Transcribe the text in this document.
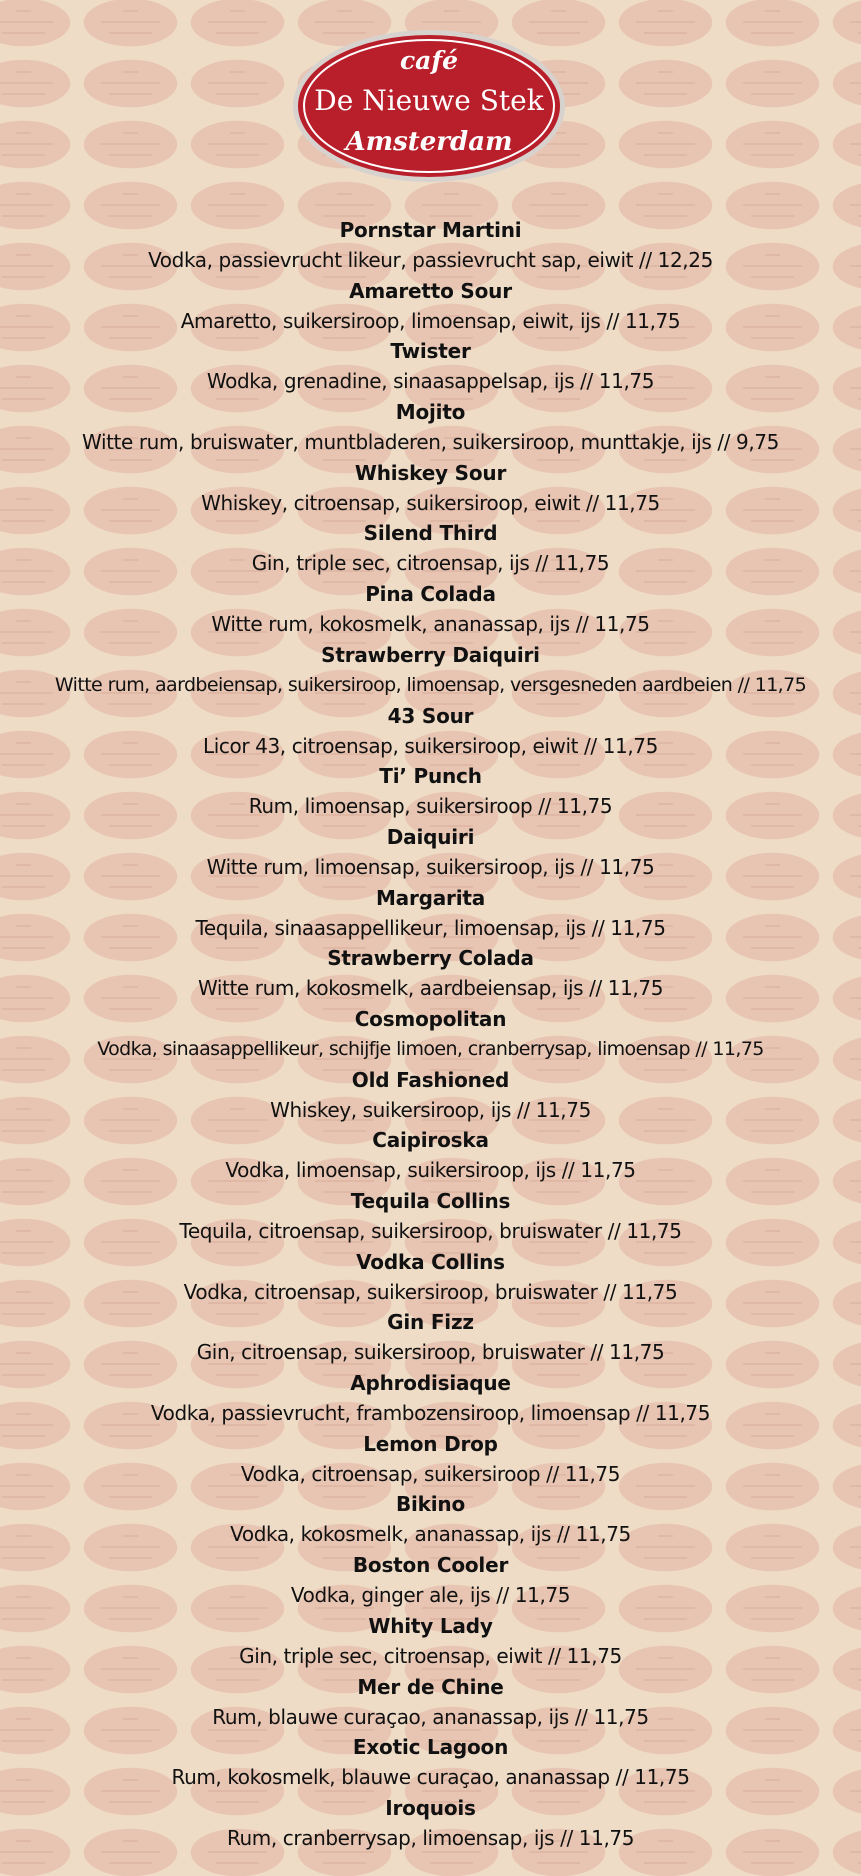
café
De Nieuwe Stek
Amsterdam
Pornstar Martini
Vodka, passievrucht likeur, passievrucht sap, eiwit // 12,25
Amaretto Sour
Amaretto, suikersiroop, limoensap, eiwit, ijs // 11,75
Twister
Wodka, grenadine, sinaasappelsap, ijs // 11,75
Mojito
Witte rum, bruiswater, muntbladeren, suikersiroop, munttakje, ijs // 9,75
Whiskey Sour
Whiskey, citroensap, suikersiroop, eiwit // 11,75
Silend Third
Gin, triple sec, citroensap, ijs // 11,75
Pina Colada
Witte rum, kokosmelk, ananassap, ijs // 11,75
Strawberry Daiquiri
Witte rum, aardbeiensap, suikersiroop, limoensap, versgesneden aardbeien // 11,75
43 Sour
Licor 43, citroensap, suikersiroop, eiwit // 11,75
Ti’ Punch
Rum, limoensap, suikersiroop // 11,75
Daiquiri
Witte rum, limoensap, suikersiroop, ijs // 11,75
Margarita
Tequila, sinaasappellikeur, limoensap, ijs // 11,75
Strawberry Colada
Witte rum, kokosmelk, aardbeiensap, ijs // 11,75
Cosmopolitan
Vodka, sinaasappellikeur, schijfje limoen, cranberrysap, limoensap // 11,75
Old Fashioned
Whiskey, suikersiroop, ijs // 11,75
Caipiroska
Vodka, limoensap, suikersiroop, ijs // 11,75
Tequila Collins
Tequila, citroensap, suikersiroop, bruiswater // 11,75
Vodka Collins
Vodka, citroensap, suikersiroop, bruiswater // 11,75
Gin Fizz
Gin, citroensap, suikersiroop, bruiswater // 11,75
Aphrodisiaque
Vodka, passievrucht, frambozensiroop, limoensap // 11,75
Lemon Drop
Vodka, citroensap, suikersiroop // 11,75
Bikino
Vodka, kokosmelk, ananassap, ijs // 11,75
Boston Cooler
Vodka, ginger ale, ijs // 11,75
Whity Lady
Gin, triple sec, citroensap, eiwit // 11,75
Mer de Chine
Rum, blauwe curaçao, ananassap, ijs // 11,75
Exotic Lagoon
Rum, kokosmelk, blauwe curaçao, ananassap // 11,75
Iroquois
Rum, cranberrysap, limoensap, ijs // 11,75
